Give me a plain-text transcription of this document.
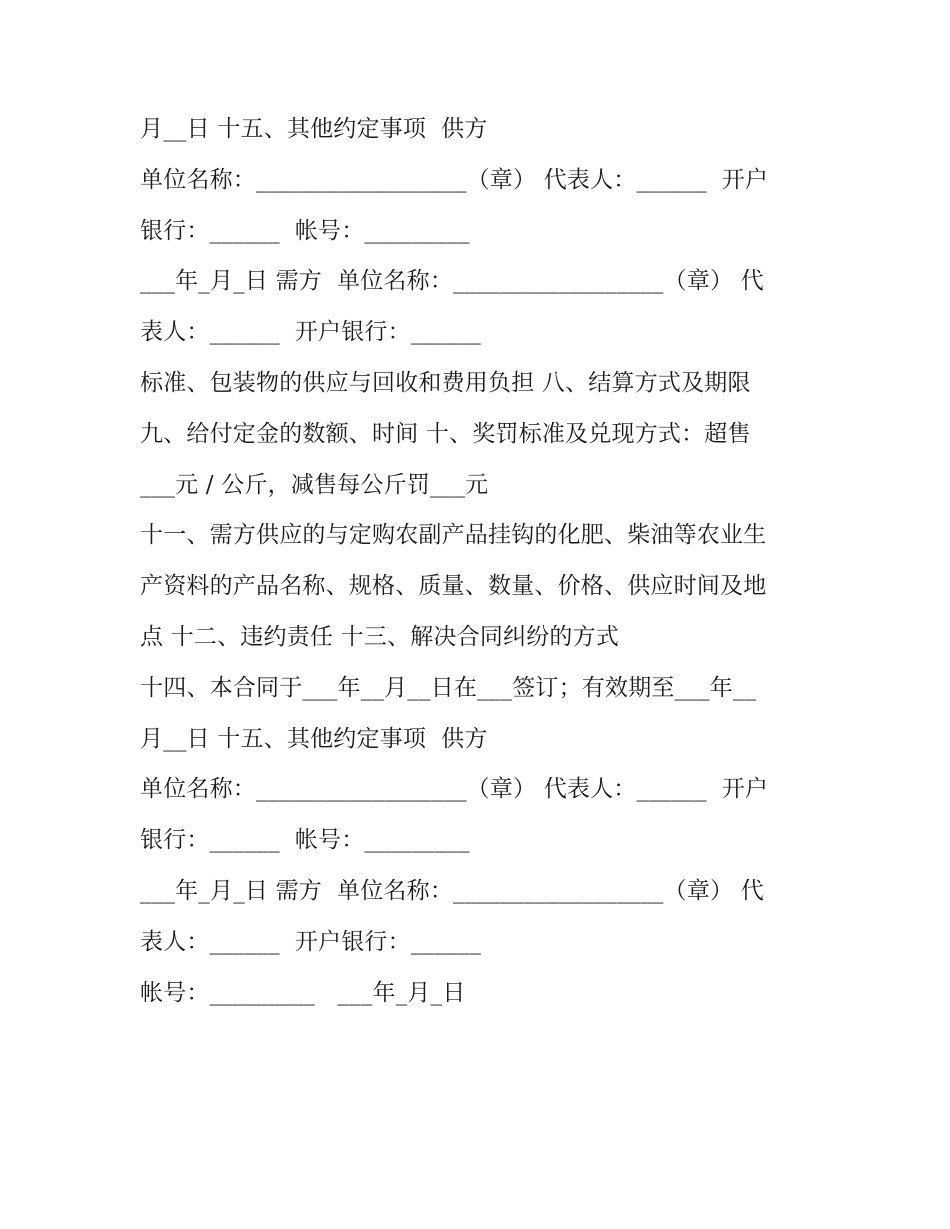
月__日 十五、其他约定事项  供方
单位名称：__________________（章） 代表人：______  开户
银行：______  帐号：_________
___年_月_日 需方  单位名称：__________________（章） 代
表人：______  开户银行：______
标准、包装物的供应与回收和费用负担 八、结算方式及期限
九、给付定金的数额、时间 十、奖罚标准及兑现方式：超售
___元 / 公斤，减售每公斤罚___元
十一、需方供应的与定购农副产品挂钩的化肥、柴油等农业生
产资料的产品名称、规格、质量、数量、价格、供应时间及地
点 十二、违约责任 十三、解决合同纠纷的方式
十四、本合同于___年__月__日在___签订；有效期至___年__
月__日 十五、其他约定事项  供方
单位名称：__________________（章） 代表人：______  开户
银行：______  帐号：_________
___年_月_日 需方  单位名称：__________________（章） 代
表人：______  开户银行：______
帐号：_________   ___年_月_日
